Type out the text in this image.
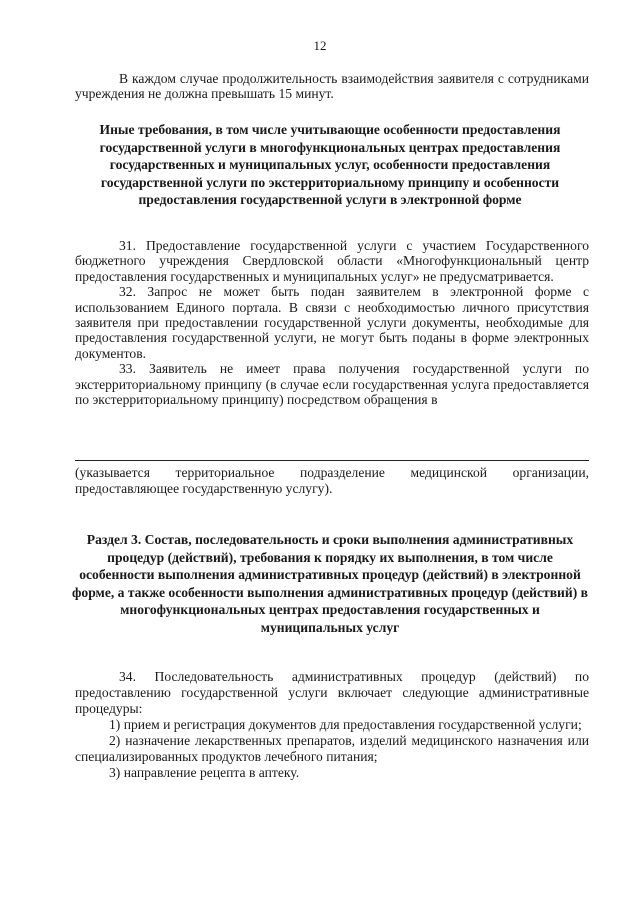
12

В каждом случае продолжительность взаимодействия заявителя с сотрудниками учреждения не должна превышать 15 минут.

Иные требования, в том числе учитывающие особенности предоставления государственной услуги в многофункциональных центрах предоставления государственных и муниципальных услуг, особенности предоставления государственной услуги по экстерриториальному принципу и особенности предоставления государственной услуги в электронной форме

31. Предоставление государственной услуги с участием Государственного бюджетного учреждения Свердловской области «Многофункциональный центр предоставления государственных и муниципальных услуг» не предусматривается.

32. Запрос не может быть подан заявителем в электронной форме с использованием Единого портала. В связи с необходимостью личного присутствия заявителя при предоставлении государственной услуги документы, необходимые для предоставления государственной услуги, не могут быть поданы в форме электронных документов.

33. Заявитель не имеет права получения государственной услуги по экстерриториальному принципу (в случае если государственная услуга предоставляется по экстерриториальному принципу) посредством обращения в

(указывается территориальное подразделение медицинской организации, предоставляющее государственную услугу).

Раздел 3. Состав, последовательность и сроки выполнения административных процедур (действий), требования к порядку их выполнения, в том числе особенности выполнения административных процедур (действий) в электронной форме, а также особенности выполнения административных процедур (действий) в многофункциональных центрах предоставления государственных и муниципальных услуг

34. Последовательность административных процедур (действий) по предоставлению государственной услуги включает следующие административные процедуры:

1) прием и регистрация документов для предоставления государственной услуги;

2) назначение лекарственных препаратов, изделий медицинского назначения или специализированных продуктов лечебного питания;

3) направление рецепта в аптеку.
